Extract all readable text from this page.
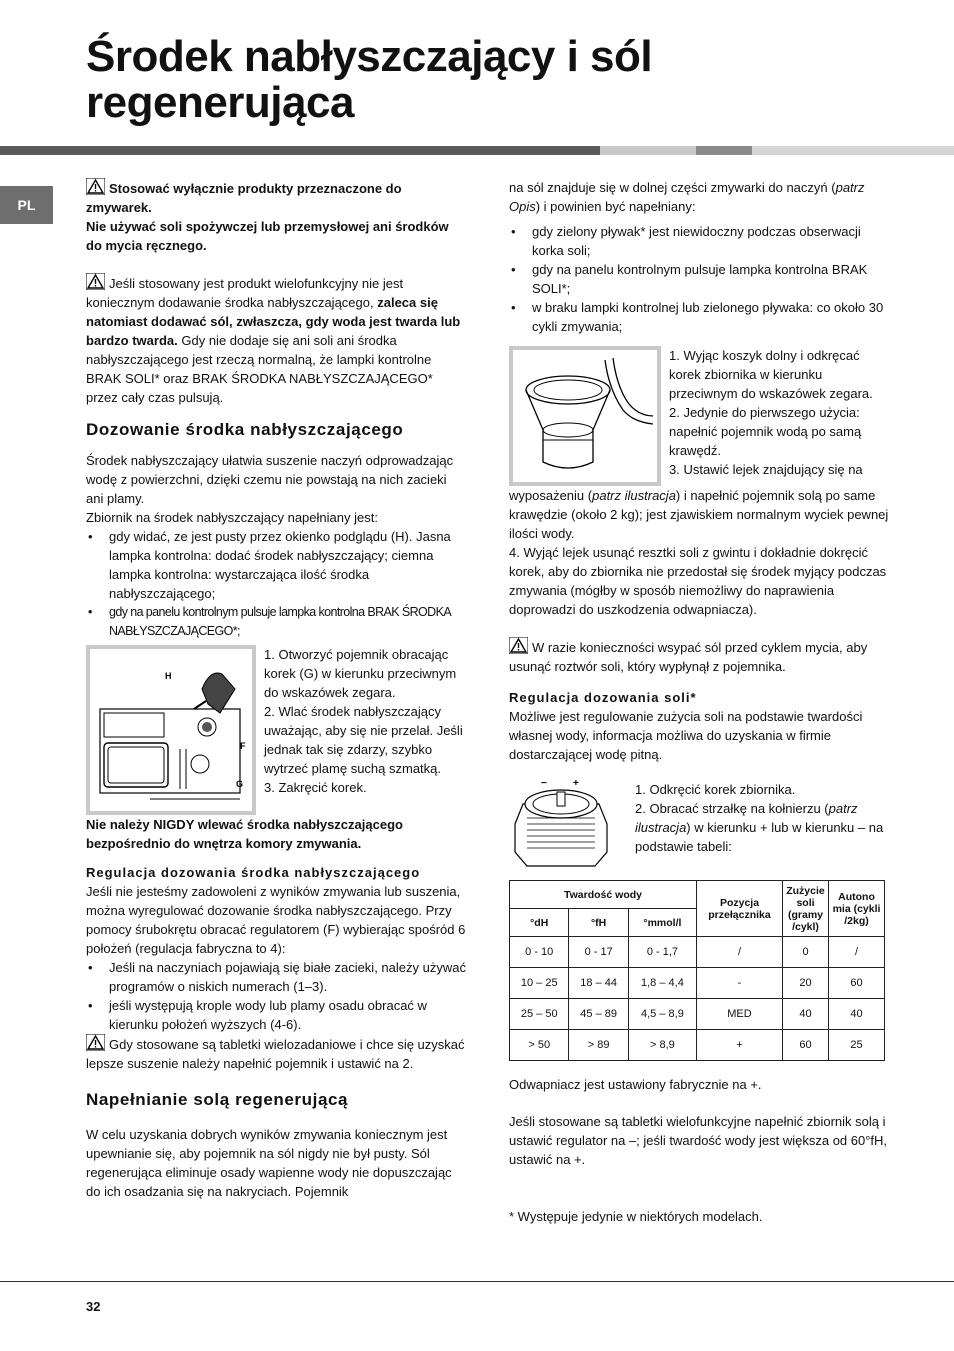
Środek nabłyszczający i sól regenerująca
PL
Stosować wyłącznie produkty przeznaczone do zmywarek.
Nie używać soli spożywczej lub przemysłowej ani środków do mycia ręcznego.
Jeśli stosowany jest produkt wielofunkcyjny nie jest koniecznym dodawanie środka nabłyszczającego, zaleca się natomiast dodawać sól, zwłaszcza, gdy woda jest twarda lub bardzo twarda. Gdy nie dodaje się ani soli ani środka nabłyszczającego jest rzeczą normalną, że lampki kontrolne BRAK SOLI* oraz BRAK ŚRODKA NABŁYSZCZAJĄCEGO* przez cały czas pulsują.
Dozowanie środka nabłyszczającego
Środek nabłyszczający ułatwia suszenie naczyń odprowadzając wodę z powierzchni, dzięki czemu nie powstają na nich zacieki ani plamy.
Zbiornik na środek nabłyszczający napełniany jest:
• gdy widać, ze jest pusty przez okienko podglądu (H). Jasna lampka kontrolna: dodać środek nabłyszczający; ciemna lampka kontrolna: wystarczająca ilość środka nabłyszczającego;
• gdy na panelu kontrolnym pulsuje lampka kontrolna BRAK ŚRODKA NABŁYSZCZAJĄCEGO*;
H
F
G
1. Otworzyć pojemnik obracając korek (G) w kierunku przeciwnym do wskazówek zegara.
2. Wlać środek nabłyszczający uważając, aby się nie przelał. Jeśli jednak tak się zdarzy, szybko wytrzeć plamę suchą szmatką.
3. Zakręcić korek.
Nie należy NIGDY wlewać środka nabłyszczającego bezpośrednio do wnętrza komory zmywania.
Regulacja dozowania środka nabłyszczającego
Jeśli nie jesteśmy zadowoleni z wyników zmywania lub suszenia, można wyregulować dozowanie środka nabłyszczającego. Przy pomocy śrubokrętu obracać regulatorem (F) wybierając spośród 6 położeń (regulacja fabryczna to 4):
• Jeśli na naczyniach pojawiają się białe zacieki, należy używać programów o niskich numerach (1–3).
• jeśli występują krople wody lub plamy osadu obracać w kierunku położeń wyższych (4-6).
Gdy stosowane są tabletki wielozadaniowe i chce się uzyskać lepsze suszenie należy napełnić pojemnik i ustawić na 2.
Napełnianie solą regenerującą
W celu uzyskania dobrych wyników zmywania koniecznym jest upewnianie się, aby pojemnik na sól nigdy nie był pusty. Sól regenerująca eliminuje osady wapienne wody nie dopuszczając do ich osadzania się na nakryciach. Pojemnik
na sól znajduje się w dolnej części zmywarki do naczyń (patrz Opis) i powinien być napełniany:
• gdy zielony pływak* jest niewidoczny podczas obserwacji korka soli;
• gdy na panelu kontrolnym pulsuje lampka kontrolna BRAK SOLI*;
• w braku lampki kontrolnej lub zielonego pływaka: co około 30 cykli zmywania;
1. Wyjąc koszyk dolny i odkręcać korek zbiornika w kierunku przeciwnym do wskazówek zegara.
2. Jedynie do pierwszego użycia: napełnić pojemnik wodą po samą krawędź.
3. Ustawić lejek znajdujący się na
wyposażeniu (patrz ilustracja) i napełnić pojemnik solą po same krawędzie (około 2 kg); jest zjawiskiem normalnym wyciek pewnej ilości wody.
4. Wyjąć lejek usunąć resztki soli z gwintu i dokładnie dokręcić korek, aby do zbiornika nie przedostał się środek myjący podczas zmywania (mógłby w sposób niemożliwy do naprawienia doprowadzi do uszkodzenia odwapniacza).
W razie konieczności wsypać sól przed cyklem mycia, aby usunąć roztwór soli, który wypłynął z pojemnika.
Regulacja dozowania soli*
Możliwe jest regulowanie zużycia soli na podstawie twardości własnej wody, informacja możliwa do uzyskania w firmie dostarczającej wodę pitną.
−	+	1. Odkręcić korek zbiornika.
2. Obracać strzałkę na kołnierzu (patrz ilustracja) w kierunku + lub w kierunku – na podstawie tabeli:
Twardość wody			Pozycja przełącznika	Zużycie soli (gramy /cykl)	Autono mia (cykli /2kg)
°dH	°fH	°mmol/l			
0 - 10	0 - 17	0 - 1,7	/	0	/
10 – 25	18 – 44	1,8 – 4,4	-	20	60
25 – 50	45 – 89	4,5 – 8,9	MED	40	40
> 50	> 89	> 8,9	+	60	25
Odwapniacz jest ustawiony fabrycznie na +.
Jeśli stosowane są tabletki wielofunkcyjne napełnić zbiornik solą i ustawić regulator na –; jeśli twardość wody jest większa od 60°fH, ustawić na +.
* Występuje jedynie w niektórych modelach.
32
